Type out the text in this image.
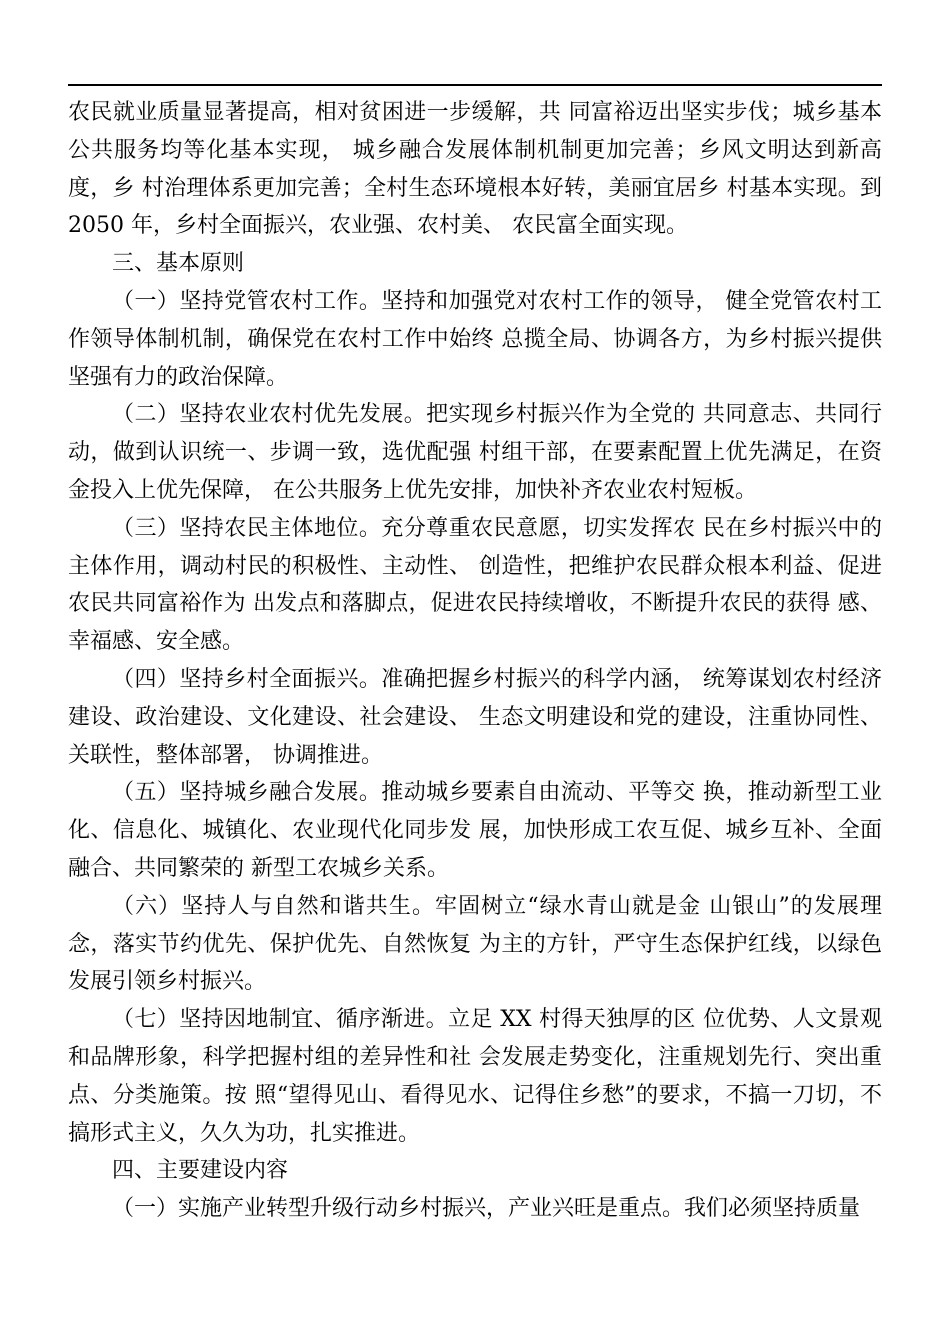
农民就业质量显著提高，相对贫困进一步缓解，共 同富裕迈出坚实步伐；城乡基本公共服务均等化基本实现， 城乡融合发展体制机制更加完善；乡风文明达到新高度，乡 村治理体系更加完善；全村生态环境根本好转，美丽宜居乡 村基本实现。到 2050 年，乡村全面振兴，农业强、农村美、 农民富全面实现。

三、基本原则

（一）坚持党管农村工作。坚持和加强党对农村工作的领导， 健全党管农村工作领导体制机制，确保党在农村工作中始终 总揽全局、协调各方，为乡村振兴提供坚强有力的政治保障。

（二）坚持农业农村优先发展。把实现乡村振兴作为全党的 共同意志、共同行动，做到认识统一、步调一致，选优配强 村组干部，在要素配置上优先满足，在资金投入上优先保障， 在公共服务上优先安排，加快补齐农业农村短板。

（三）坚持农民主体地位。充分尊重农民意愿，切实发挥农 民在乡村振兴中的主体作用，调动村民的积极性、主动性、 创造性，把维护农民群众根本利益、促进农民共同富裕作为 出发点和落脚点，促进农民持续增收，不断提升农民的获得 感、幸福感、安全感。

（四）坚持乡村全面振兴。准确把握乡村振兴的科学内涵， 统筹谋划农村经济建设、政治建设、文化建设、社会建设、 生态文明建设和党的建设，注重协同性、关联性，整体部署， 协调推进。

（五）坚持城乡融合发展。推动城乡要素自由流动、平等交 换，推动新型工业化、信息化、城镇化、农业现代化同步发 展，加快形成工农互促、城乡互补、全面融合、共同繁荣的 新型工农城乡关系。

（六）坚持人与自然和谐共生。牢固树立“绿水青山就是金 山银山”的发展理念，落实节约优先、保护优先、自然恢复 为主的方针，严守生态保护红线，以绿色发展引领乡村振兴。

（七）坚持因地制宜、循序渐进。立足 XX 村得天独厚的区 位优势、人文景观和品牌形象，科学把握村组的差异性和社 会发展走势变化，注重规划先行、突出重点、分类施策。按 照“望得见山、看得见水、记得住乡愁”的要求，不搞一刀切，不搞形式主义，久久为功，扎实推进。

四、主要建设内容

（一）实施产业转型升级行动乡村振兴，产业兴旺是重点。我们必须坚持质量
